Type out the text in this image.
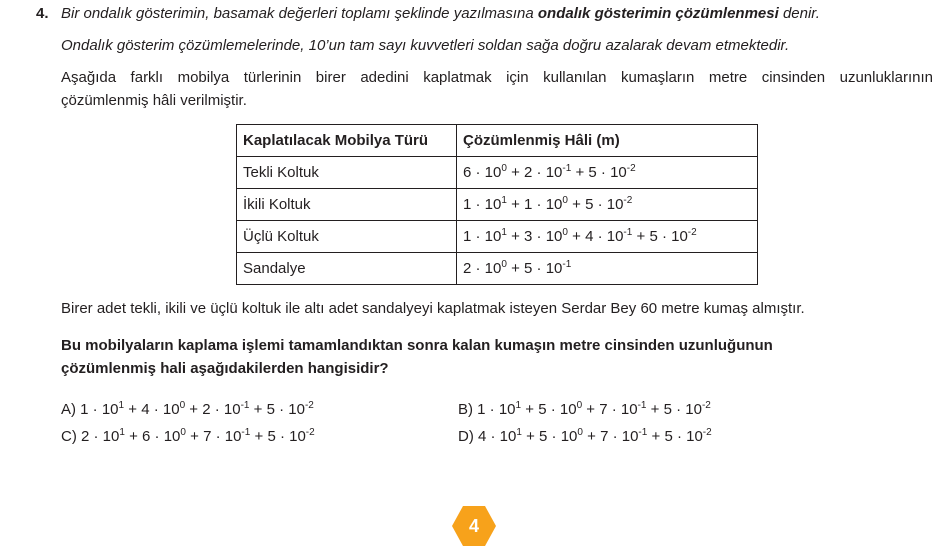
4. Bir ondalık gösterimin, basamak değerleri toplamı şeklinde yazılmasına ondalık gösterimin çözümlenmesi denir.
Ondalık gösterim çözümlemelerinde, 10’un tam sayı kuvvetleri soldan sağa doğru azalarak devam etmektedir.
Aşağıda farklı mobilya türlerinin birer adedini kaplatmak için kullanılan kumaşların metre cinsinden uzunluklarının
çözümlenmiş hâli verilmiştir.
Kaplatılacak Mobilya Türü	Çözümlenmiş Hâli (m)
Tekli Koltuk	$6 \cdot 10^0 + 2 \cdot 10^{-1} + 5 \cdot 10^{-2}$
İkili Koltuk	$1 \cdot 10^1 + 1 \cdot 10^0 + 5 \cdot 10^{-2}$
Üçlü Koltuk	$1 \cdot 10^1 + 3 \cdot 10^0 + 4 \cdot 10^{-1} + 5 \cdot 10^{-2}$
Sandalye	$2 \cdot 10^0 + 5 \cdot 10^{-1}$
Birer adet tekli, ikili ve üçlü koltuk ile altı adet sandalyeyi kaplatmak isteyen Serdar Bey 60 metre kumaş almıştır.
Bu mobilyaların kaplama işlemi tamamlandıktan sonra kalan kumaşın metre cinsinden uzunluğunun
çözümlenmiş hali aşağıdakilerden hangisidir?
A) $1 \cdot 10^1 + 4 \cdot 10^0 + 2 \cdot 10^{-1} + 5 \cdot 10^{-2}$	B) $1 \cdot 10^1 + 5 \cdot 10^0 + 7 \cdot 10^{-1} + 5 \cdot 10^{-2}$
C) $2 \cdot 10^1 + 6 \cdot 10^0 + 7 \cdot 10^{-1} + 5 \cdot 10^{-2}$	D) $4 \cdot 10^1 + 5 \cdot 10^0 + 7 \cdot 10^{-1} + 5 \cdot 10^{-2}$
4
